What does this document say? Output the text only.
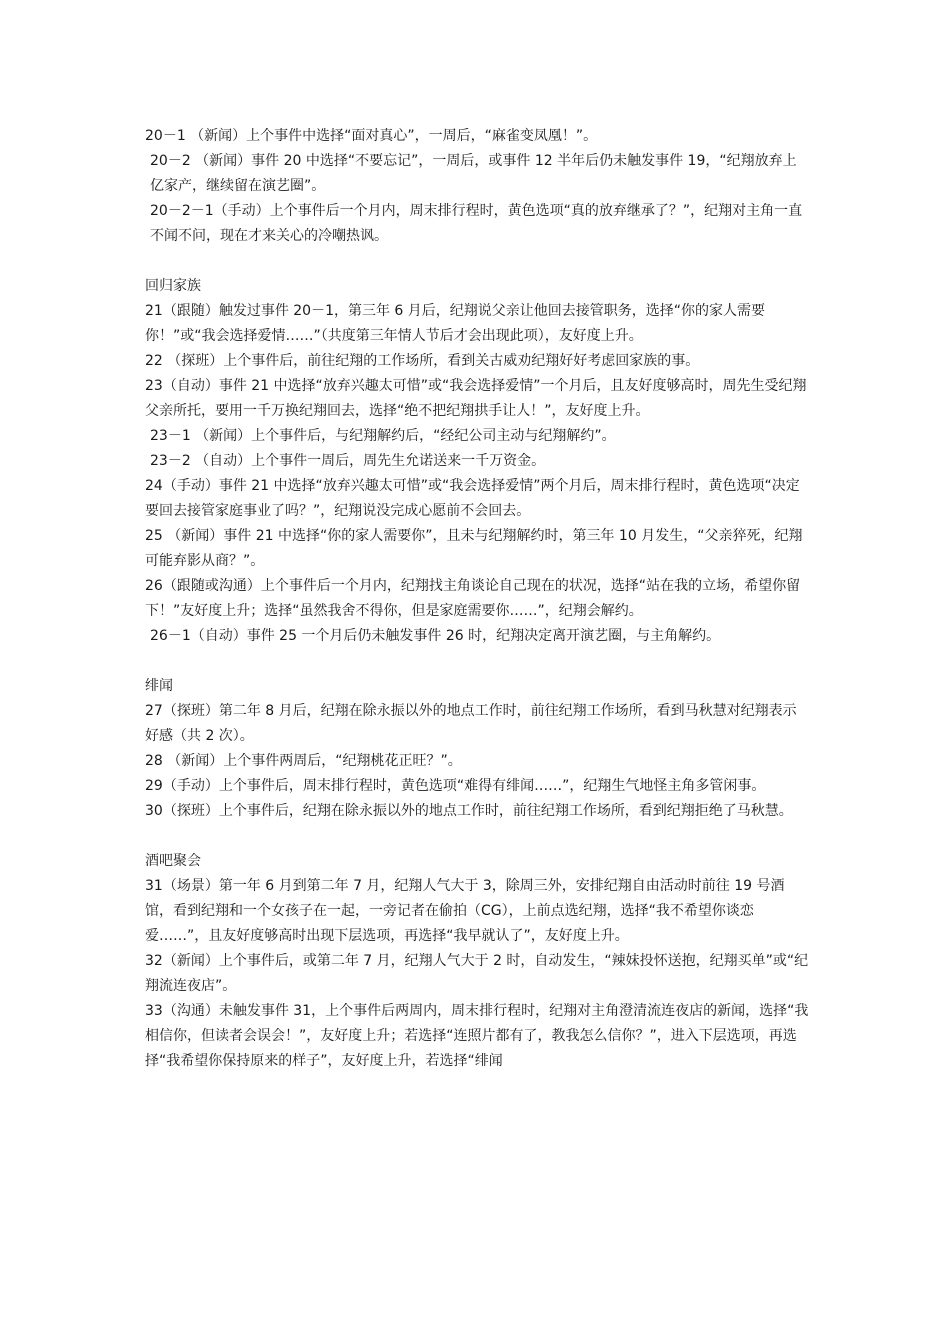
20－1 （新闻）上个事件中选择“面对真心”，一周后，“麻雀变凤凰！”。

20－2 （新闻）事件 20 中选择“不要忘记”，一周后，或事件 12 半年后仍未触发事件 19，“纪翔放弃上亿家产，继续留在演艺圈”。

20－2－1（手动）上个事件后一个月内，周末排行程时，黄色选项“真的放弃继承了？”，纪翔对主角一直不闻不问，现在才来关心的冷嘲热讽。

回归家族

21（跟随）触发过事件 20－1，第三年 6 月后，纪翔说父亲让他回去接管职务，选择“你的家人需要你！”或“我会选择爱情……”（共度第三年情人节后才会出现此项），友好度上升。

22 （探班）上个事件后，前往纪翔的工作场所，看到关古威劝纪翔好好考虑回家族的事。

23（自动）事件 21 中选择“放弃兴趣太可惜”或“我会选择爱情”一个月后，且友好度够高时，周先生受纪翔父亲所托，要用一千万换纪翔回去，选择“绝不把纪翔拱手让人！”，友好度上升。

23－1 （新闻）上个事件后，与纪翔解约后，“经纪公司主动与纪翔解约”。

23－2 （自动）上个事件一周后，周先生允诺送来一千万资金。

24（手动）事件 21 中选择“放弃兴趣太可惜”或“我会选择爱情”两个月后，周末排行程时，黄色选项“决定要回去接管家庭事业了吗？”，纪翔说没完成心愿前不会回去。

25 （新闻）事件 21 中选择“你的家人需要你”，且未与纪翔解约时，第三年 10 月发生，“父亲猝死，纪翔可能弃影从商？”。

26（跟随或沟通）上个事件后一个月内，纪翔找主角谈论自己现在的状况，选择“站在我的立场，希望你留下！”友好度上升；选择“虽然我舍不得你，但是家庭需要你……”，纪翔会解约。

26－1（自动）事件 25 一个月后仍未触发事件 26 时，纪翔决定离开演艺圈，与主角解约。

绯闻

27（探班）第二年 8 月后，纪翔在除永振以外的地点工作时，前往纪翔工作场所，看到马秋慧对纪翔表示好感（共 2 次）。

28 （新闻）上个事件两周后，“纪翔桃花正旺？”。

29（手动）上个事件后，周末排行程时，黄色选项“难得有绯闻……”，纪翔生气地怪主角多管闲事。

30（探班）上个事件后，纪翔在除永振以外的地点工作时，前往纪翔工作场所，看到纪翔拒绝了马秋慧。

酒吧聚会

31（场景）第一年 6 月到第二年 7 月，纪翔人气大于 3，除周三外，安排纪翔自由活动时前往 19 号酒馆，看到纪翔和一个女孩子在一起，一旁记者在偷拍（CG），上前点选纪翔，选择“我不希望你谈恋爱……”，且友好度够高时出现下层选项，再选择“我早就认了”，友好度上升。

32（新闻）上个事件后，或第二年 7 月，纪翔人气大于 2 时，自动发生，“辣妹投怀送抱，纪翔买单”或“纪翔流连夜店”。

33（沟通）未触发事件 31，上个事件后两周内，周末排行程时，纪翔对主角澄清流连夜店的新闻，选择“我相信你，但读者会误会！”，友好度上升；若选择“连照片都有了，教我怎么信你？”，进入下层选项，再选择“我希望你保持原来的样子”，友好度上升，若选择“绯闻
